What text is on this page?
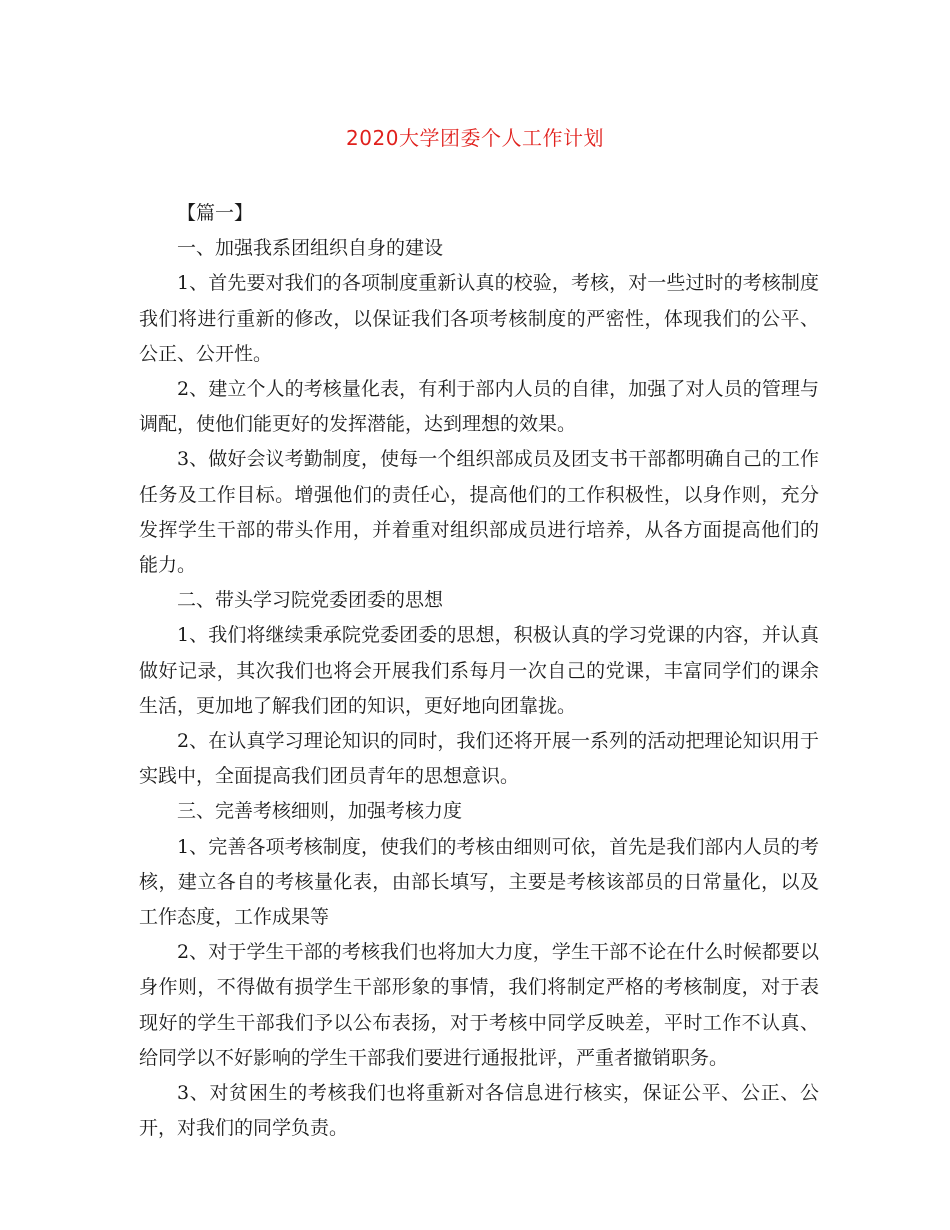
2020大学团委个人工作计划

【篇一】

一、加强我系团组织自身的建设

1、首先要对我们的各项制度重新认真的校验，考核，对一些过时的考核制度我们将进行重新的修改，以保证我们各项考核制度的严密性，体现我们的公平、公正、公开性。

2、建立个人的考核量化表，有利于部内人员的自律，加强了对人员的管理与调配，使他们能更好的发挥潜能，达到理想的效果。

3、做好会议考勤制度，使每一个组织部成员及团支书干部都明确自己的工作任务及工作目标。增强他们的责任心，提高他们的工作积极性，以身作则，充分发挥学生干部的带头作用，并着重对组织部成员进行培养，从各方面提高他们的能力。

二、带头学习院党委团委的思想

1、我们将继续秉承院党委团委的思想，积极认真的学习党课的内容，并认真做好记录，其次我们也将会开展我们系每月一次自己的党课，丰富同学们的课余生活，更加地了解我们团的知识，更好地向团靠拢。

2、在认真学习理论知识的同时，我们还将开展一系列的活动把理论知识用于实践中，全面提高我们团员青年的思想意识。

三、完善考核细则，加强考核力度

1、完善各项考核制度，使我们的考核由细则可依，首先是我们部内人员的考核，建立各自的考核量化表，由部长填写，主要是考核该部员的日常量化，以及工作态度，工作成果等

2、对于学生干部的考核我们也将加大力度，学生干部不论在什么时候都要以身作则，不得做有损学生干部形象的事情，我们将制定严格的考核制度，对于表现好的学生干部我们予以公布表扬，对于考核中同学反映差，平时工作不认真、给同学以不好影响的学生干部我们要进行通报批评，严重者撤销职务。

3、对贫困生的考核我们也将重新对各信息进行核实，保证公平、公正、公开，对我们的同学负责。
